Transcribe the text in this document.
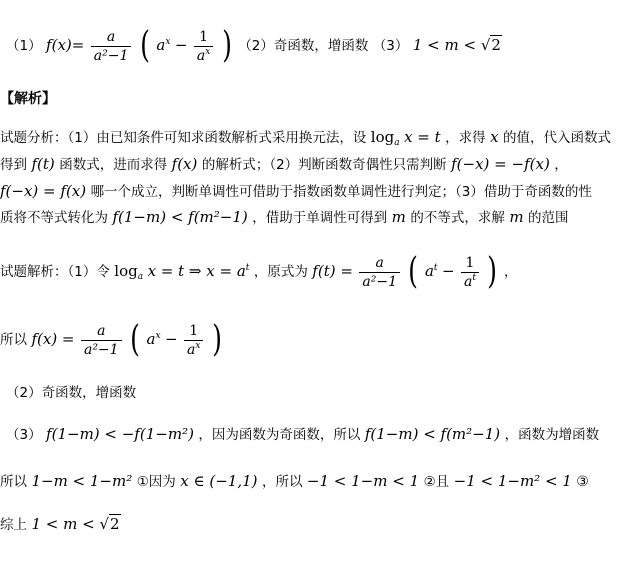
（1） $f(x)= \frac{a}{\text{a²−1}}$ ( $a^x - \frac{1}{a^x}$ ) （2）奇函数，增函数 （3） 1 < m < √2
【解析】
试题分析：（1）由已知条件可知求函数解析式采用换元法，设 $\log_a x = t$ ，求得 x 的值，代入函数式
得到 f(t) 函数式，进而求得 f(x) 的解析式；（2）判断函数奇偶性只需判断 f(−x) = −f(x) ，
f(−x) = f(x) 哪一个成立，判断单调性可借助于指数函数单调性进行判定；（3）借助于奇函数的性
质将不等式转化为 f(1−m) < f(m²−1) ，借助于单调性可得到 m 的不等式，求解 m 的范围
试题解析：（1）令 $\log_a x = t$ ⇒ $x = a^t$ ，原式为 $f(t) = \frac{a}{\text{a²−1}}$ ( $a^t - \frac{1}{a^t}$ ) ，
所以 $f(x) = \frac{a}{\text{a²−1}}$ ( $a^x - \frac{1}{a^x}$ )
（2）奇函数，增函数
（3） f(1−m) < −f(1−m²) ，因为函数为奇函数，所以 f(1−m) < f(m²−1) ，函数为增函数
所以 1−m < 1−m² ①因为 x ∈ (−1,1) ，所以 −1 < 1−m < 1 ②且 −1 < 1−m² < 1 ③
综上 1 < m < √2
